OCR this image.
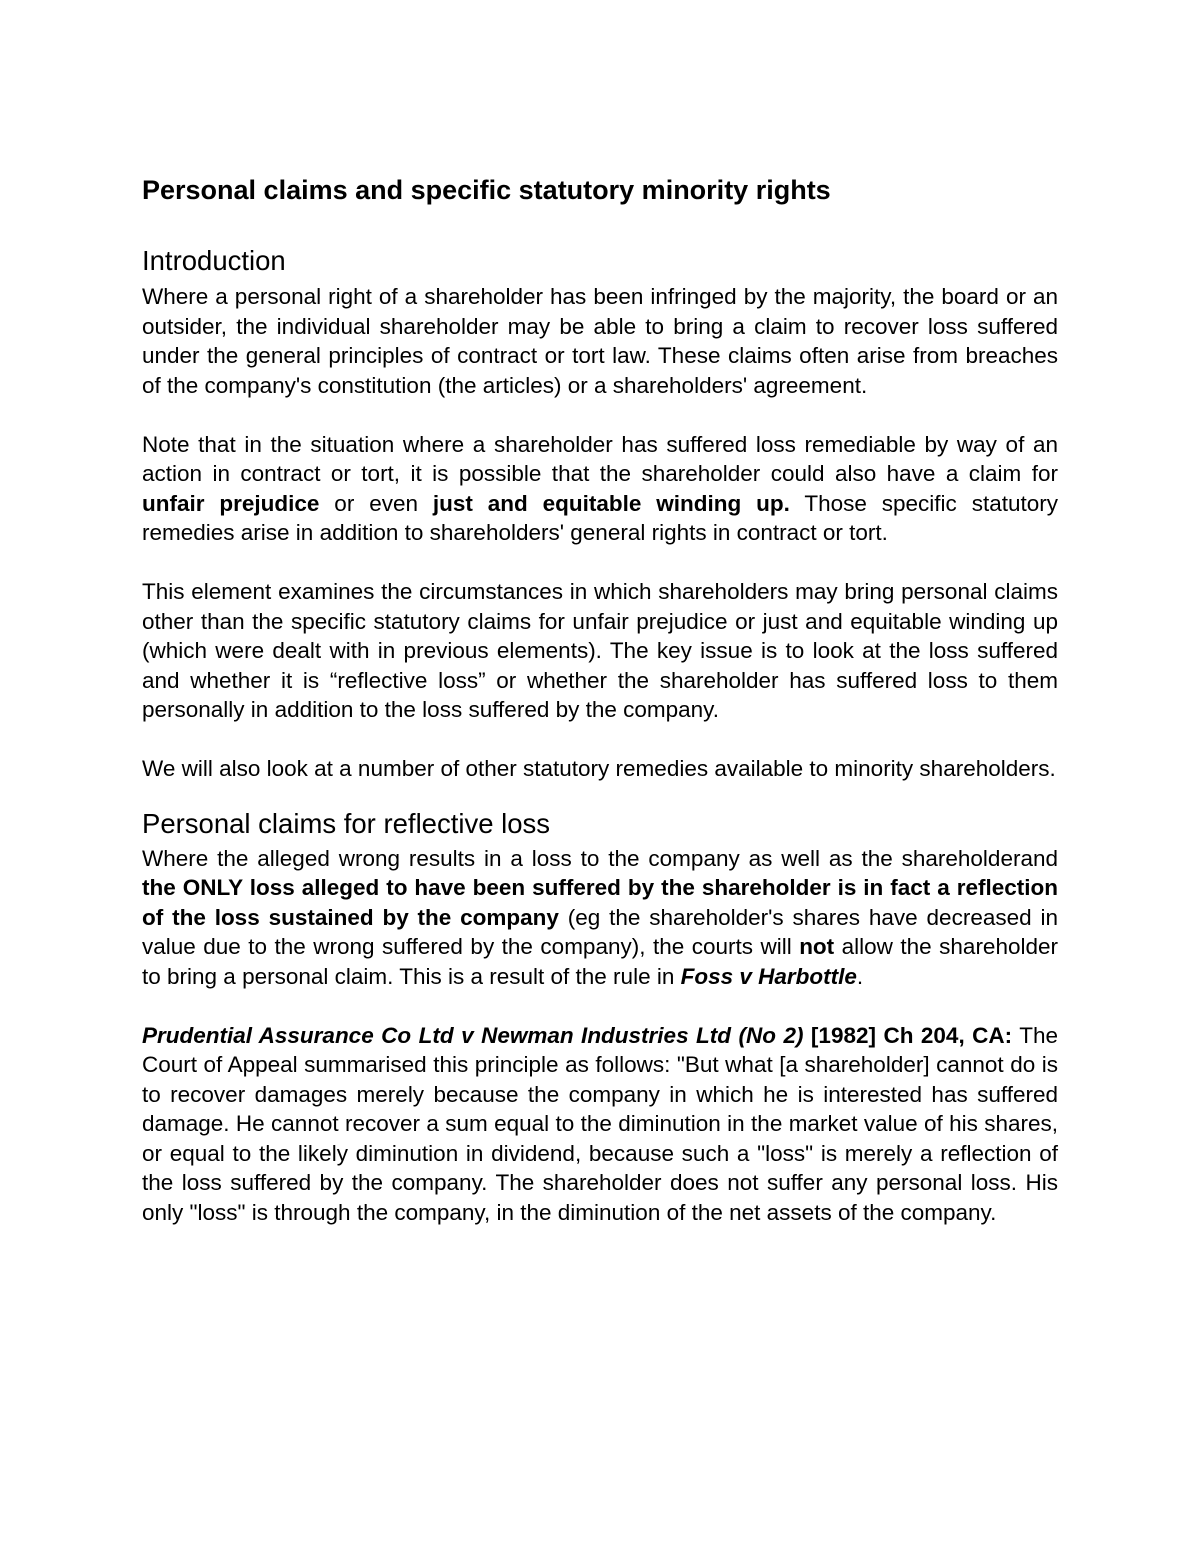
Personal claims and specific statutory minority rights
Introduction

Where a personal right of a shareholder has been infringed by the majority, the board or an outsider, the individual shareholder may be able to bring a claim to recover loss suffered under the general principles of contract or tort law. These claims often arise from breaches of the company's constitution (the articles) or a shareholders' agreement.

Note that in the situation where a shareholder has suffered loss remediable by way of an action in contract or tort, it is possible that the shareholder could also have a claim for unfair prejudice or even just and equitable winding up. Those specific statutory remedies arise in addition to shareholders' general rights in contract or tort.

This element examines the circumstances in which shareholders may bring personal claims other than the specific statutory claims for unfair prejudice or just and equitable winding up (which were dealt with in previous elements). The key issue is to look at the loss suffered and whether it is “reflective loss” or whether the shareholder has suffered loss to them personally in addition to the loss suffered by the company.

We will also look at a number of other statutory remedies available to minority shareholders.

Personal claims for reflective loss

Where the alleged wrong results in a loss to the company as well as the shareholderand the ONLY loss alleged to have been suffered by the shareholder is in fact a reflection of the loss sustained by the company (eg the shareholder's shares have decreased in value due to the wrong suffered by the company), the courts will not allow the shareholder to bring a personal claim. This is a result of the rule in Foss v Harbottle.

Prudential Assurance Co Ltd v Newman Industries Ltd (No 2) [1982] Ch 204, CA: The Court of Appeal summarised this principle as follows: "But what [a shareholder] cannot do is to recover damages merely because the company in which he is interested has suffered damage. He cannot recover a sum equal to the diminution in the market value of his shares, or equal to the likely diminution in dividend, because such a "loss" is merely a reflection of the loss suffered by the company. The shareholder does not suffer any personal loss. His only "loss" is through the company, in the diminution of the net assets of the company.
